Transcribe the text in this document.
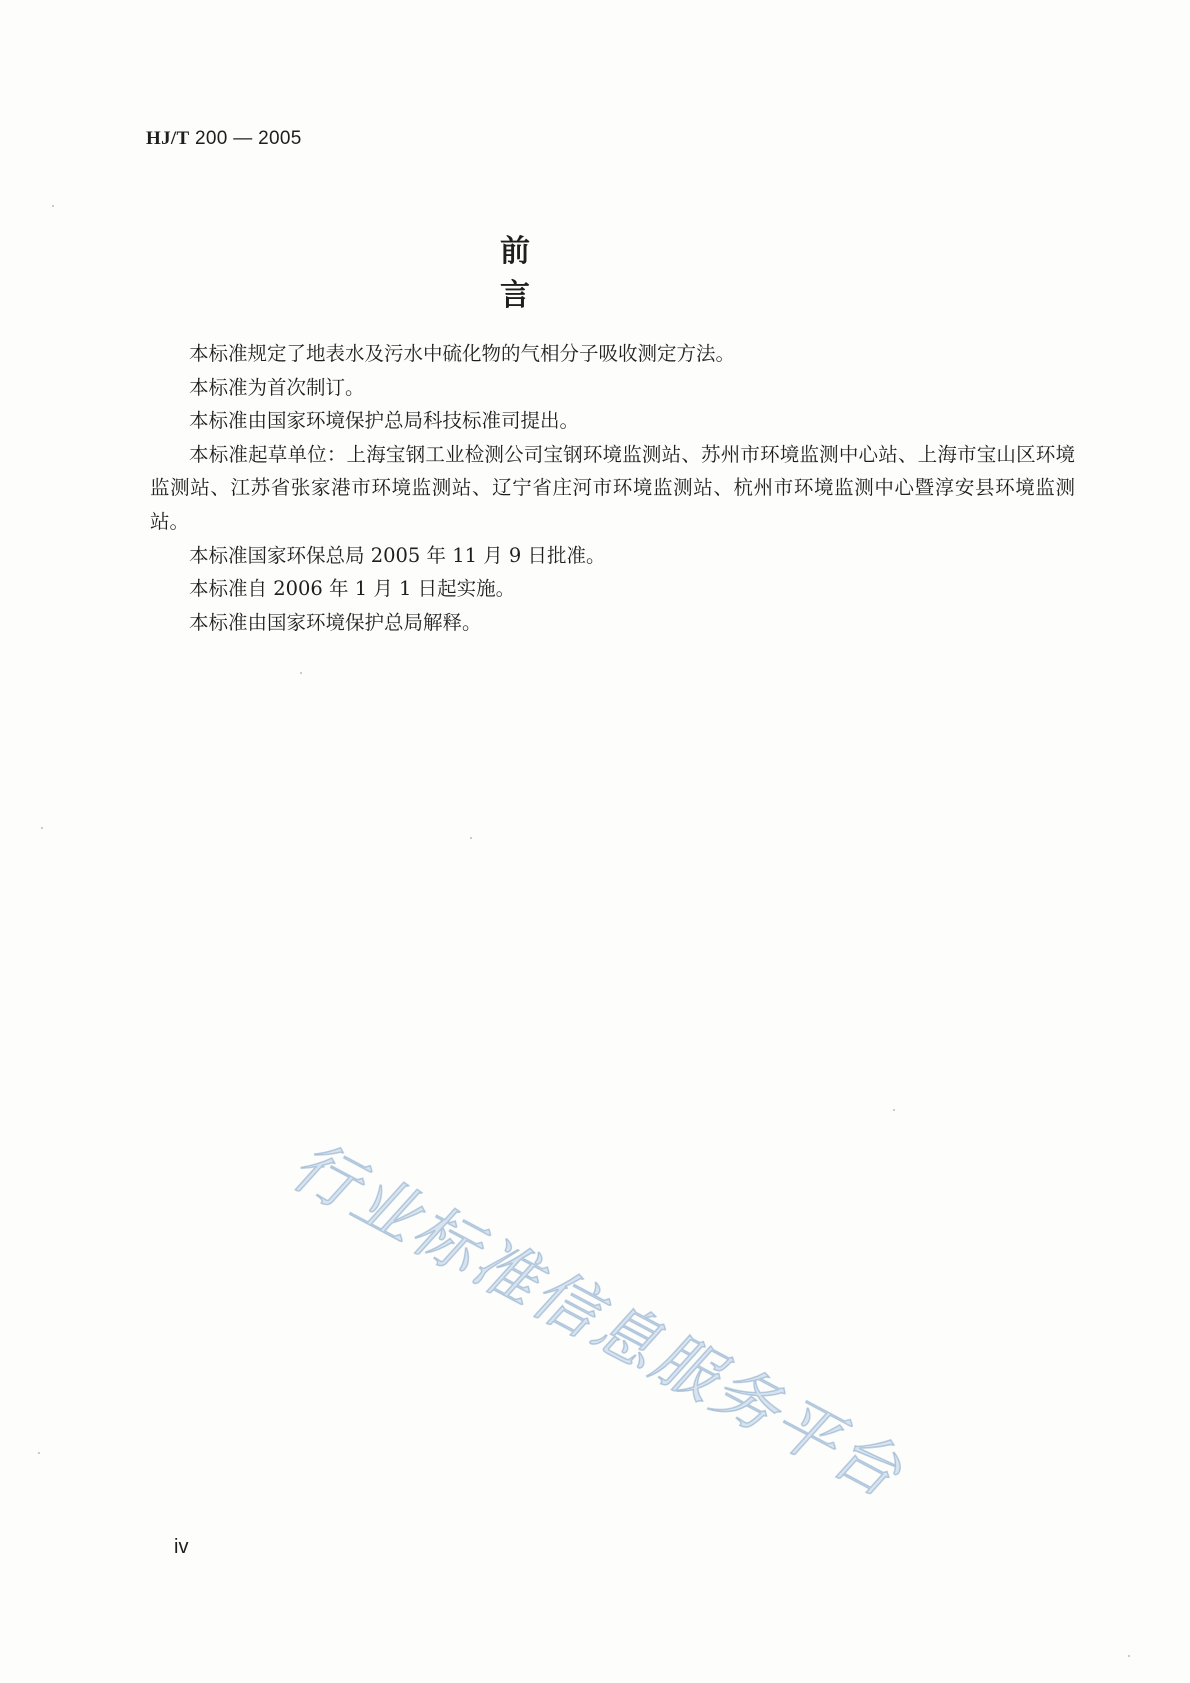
HJ/T 200 — 2005
前言

本标准规定了地表水及污水中硫化物的气相分子吸收测定方法。

本标准为首次制订。

本标准由国家环境保护总局科技标准司提出。

本标准起草单位：上海宝钢工业检测公司宝钢环境监测站、苏州市环境监测中心站、上海市宝山区环境监测站、江苏省张家港市环境监测站、辽宁省庄河市环境监测站、杭州市环境监测中心暨淳安县环境监测站。

本标准国家环保总局 2005 年 11 月 9 日批准。

本标准自 2006 年 1 月 1 日起实施。

本标准由国家环境保护总局解释。

行业标准信息服务平台
iv
